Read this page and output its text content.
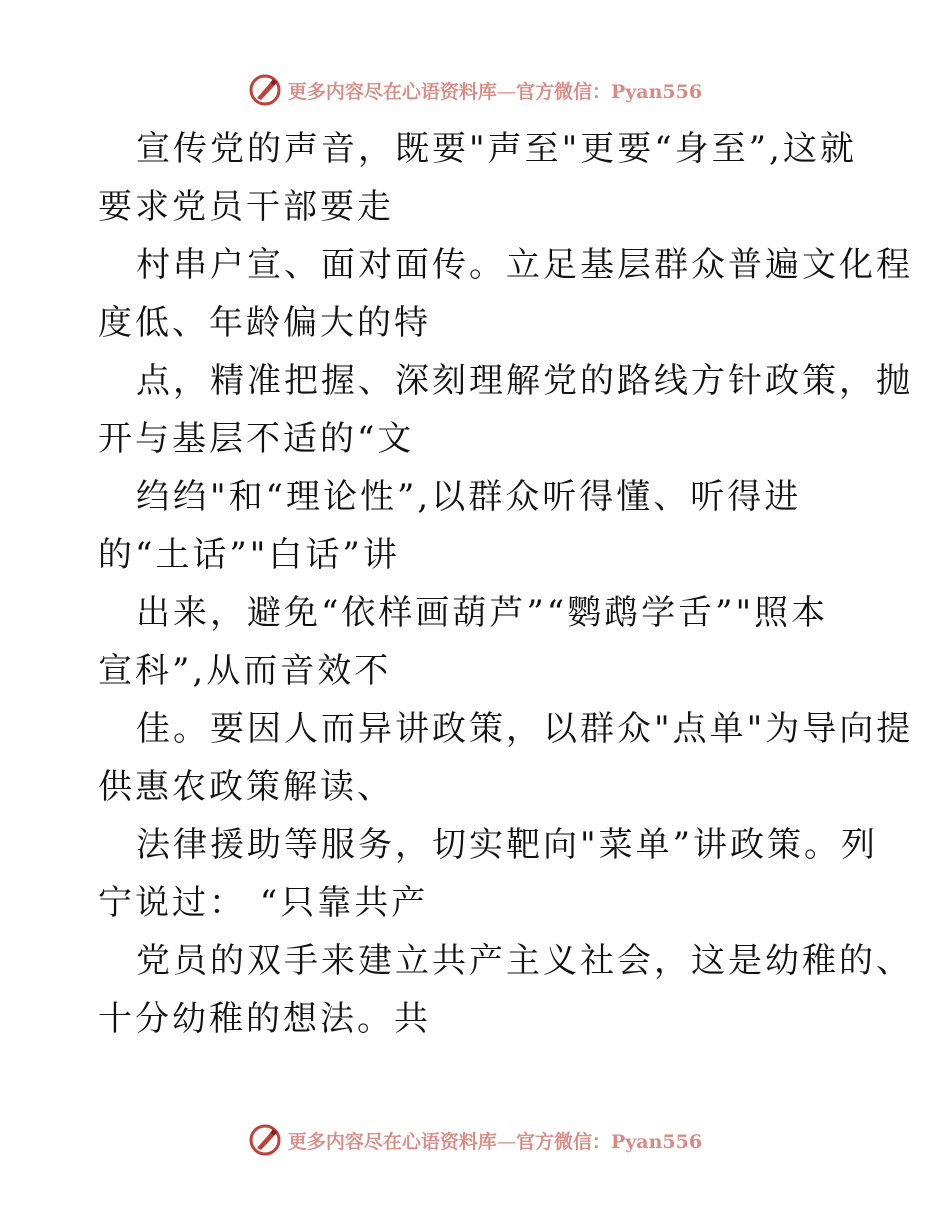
更多内容尽在心语资料库—官方微信：Pyan556
宣传党的声音，既要"声至"更要“身至”,这就
要求党员干部要走
村串户宣、面对面传。立足基层群众普遍文化程
度低、年龄偏大的特
点，精准把握、深刻理解党的路线方针政策，抛
开与基层不适的“文
绉绉"和“理论性”,以群众听得懂、听得进
的“土话”"白话”讲
出来，避免“依样画葫芦”“鹦鹉学舌”"照本
宣科”,从而音效不
佳。要因人而异讲政策，以群众"点单"为导向提
供惠农政策解读、
法律援助等服务，切实靶向"菜单”讲政策。列
宁说过： “只靠共产
党员的双手来建立共产主义社会，这是幼稚的、
十分幼稚的想法。共
更多内容尽在心语资料库—官方微信：Pyan556
